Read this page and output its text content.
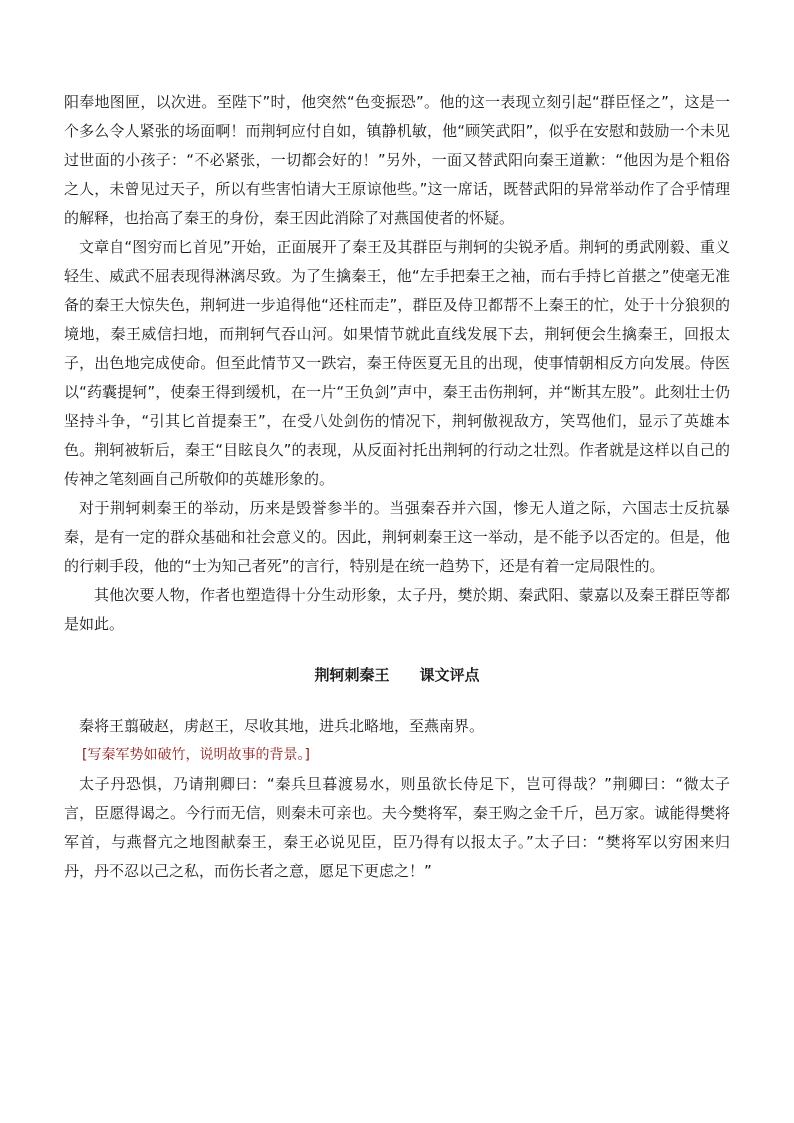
阳奉地图匣，以次进。至陛下”时，他突然“色变振恐”。他的这一表现立刻引起“群臣怪之”，这是一个多么令人紧张的场面啊！而荆轲应付自如，镇静机敏，他“顾笑武阳”，似乎在安慰和鼓励一个未见过世面的小孩子：“不必紧张，一切都会好的！”另外，一面又替武阳向秦王道歉：“他因为是个粗俗之人，未曾见过天子，所以有些害怕请大王原谅他些。”这一席话，既替武阳的异常举动作了合乎情理的解释，也抬高了秦王的身份，秦王因此消除了对燕国使者的怀疑。

文章自“图穷而匕首见”开始，正面展开了秦王及其群臣与荆轲的尖锐矛盾。荆轲的勇武刚毅、重义轻生、威武不屈表现得淋漓尽致。为了生擒秦王，他“左手把秦王之袖，而右手持匕首揕之”使毫无准备的秦王大惊失色，荆轲进一步追得他“还柱而走”，群臣及侍卫都帮不上秦王的忙，处于十分狼狈的境地，秦王威信扫地，而荆轲气吞山河。如果情节就此直线发展下去，荆轲便会生擒秦王，回报太子，出色地完成使命。但至此情节又一跌宕，秦王侍医夏无且的出现，使事情朝相反方向发展。侍医以“药囊提轲”，使秦王得到缓机，在一片“王负剑”声中，秦王击伤荆轲，并“断其左股”。此刻壮士仍坚持斗争，“引其匕首提秦王”，在受八处剑伤的情况下，荆轲傲视敌方，笑骂他们，显示了英雄本色。荆轲被斩后，秦王“目眩良久”的表现，从反面衬托出荆轲的行动之壮烈。作者就是这样以自己的传神之笔刻画自己所敬仰的英雄形象的。

对于荆轲刺秦王的举动，历来是毁誉参半的。当强秦吞并六国，惨无人道之际，六国志士反抗暴秦，是有一定的群众基础和社会意义的。因此，荆轲刺秦王这一举动，是不能予以否定的。但是，他的行刺手段，他的“士为知己者死”的言行，特别是在统一趋势下，还是有着一定局限性的。

其他次要人物，作者也塑造得十分生动形象，太子丹，樊於期、秦武阳、蒙嘉以及秦王群臣等都是如此。

荆轲刺秦王 课文评点

秦将王翦破赵，虏赵王，尽收其地，进兵北略地，至燕南界。

[写秦军势如破竹，说明故事的背景。]

太子丹恐惧，乃请荆卿曰：“秦兵旦暮渡易水，则虽欲长侍足下，岂可得哉？”荆卿曰：“微太子言，臣愿得谒之。今行而无信，则秦未可亲也。夫今樊将军，秦王购之金千斤，邑万家。诚能得樊将军首，与燕督亢之地图献秦王，秦王必说见臣，臣乃得有以报太子。”太子曰：“樊将军以穷困来归丹，丹不忍以己之私，而伤长者之意，愿足下更虑之！”
